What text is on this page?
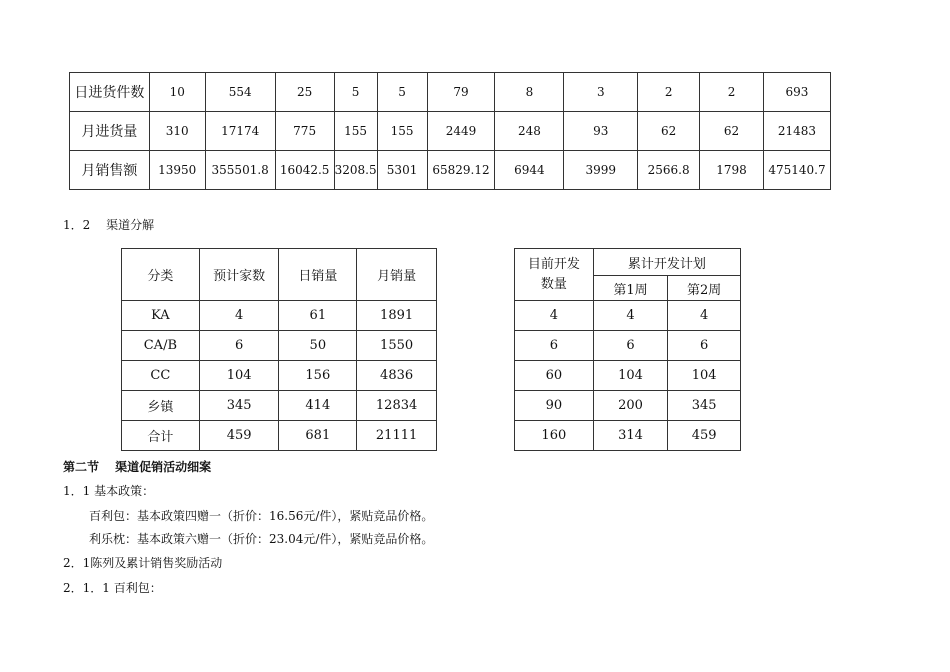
日进货件数	10	554	25	5	5	79	8	3	2	2	693
月进货量	310	17174	775	155	155	2449	248	93	62	62	21483
月销售额	13950	355501.8	16042.5	3208.5	5301	65829.12	6944	3999	2566.8	1798	475140.7
1．2　 渠道分解
分类	预计家数	日销量	月销量
KA	4	61	1891
CA/B	6	50	1550
CC	104	156	4836
乡镇	345	414	12834
合计	459	681	21111
目前开发数量	累计开发计划	
	第1周	第2周
4	4	4
6	6	6
60	104	104
90	200	345
160	314	459
第二节　 渠道促销活动细案
1．1 基本政策：
百利包：基本政策四赠一（折价：16.56元/件），紧贴竞品价格。
利乐枕：基本政策六赠一（折价：23.04元/件），紧贴竞品价格。
2．1陈列及累计销售奖励活动
2．1．1 百利包：
